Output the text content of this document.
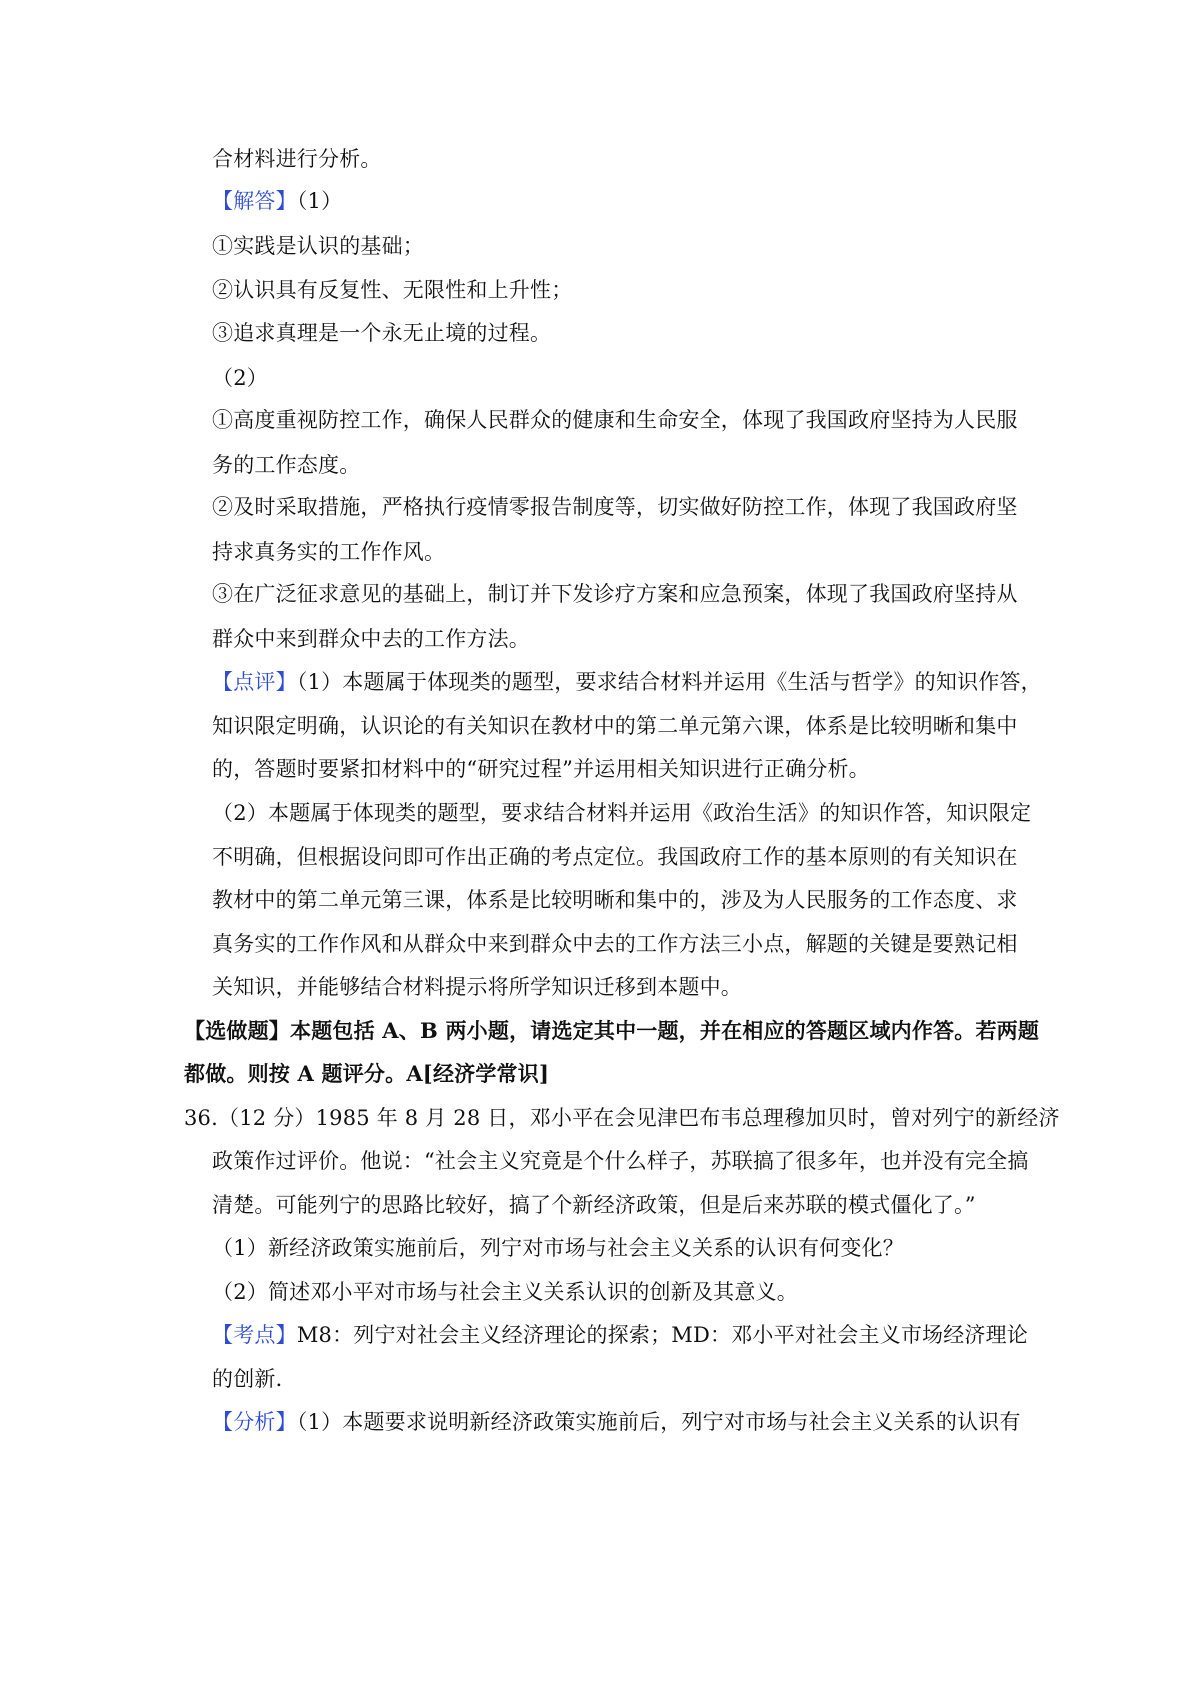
合材料进行分析。
【解答】（1）
①实践是认识的基础；
②认识具有反复性、无限性和上升性；
③追求真理是一个永无止境的过程。
（2）
①高度重视防控工作，确保人民群众的健康和生命安全，体现了我国政府坚持为人民服
务的工作态度。
②及时采取措施，严格执行疫情零报告制度等，切实做好防控工作，体现了我国政府坚
持求真务实的工作作风。
③在广泛征求意见的基础上，制订并下发诊疗方案和应急预案，体现了我国政府坚持从
群众中来到群众中去的工作方法。
【点评】（1）本题属于体现类的题型，要求结合材料并运用《生活与哲学》的知识作答，
知识限定明确，认识论的有关知识在教材中的第二单元第六课，体系是比较明晰和集中
的，答题时要紧扣材料中的“研究过程”并运用相关知识进行正确分析。
（2）本题属于体现类的题型，要求结合材料并运用《政治生活》的知识作答，知识限定
不明确，但根据设问即可作出正确的考点定位。我国政府工作的基本原则的有关知识在
教材中的第二单元第三课，体系是比较明晰和集中的，涉及为人民服务的工作态度、求
真务实的工作作风和从群众中来到群众中去的工作方法三小点，解题的关键是要熟记相
关知识，并能够结合材料提示将所学知识迁移到本题中。
【选做题】本题包括 A、B 两小题，请选定其中一题，并在相应的答题区域内作答。若两题
都做。则按 A 题评分。A[经济学常识]
36.（12 分）1985 年 8 月 28 日，邓小平在会见津巴布韦总理穆加贝时，曾对列宁的新经济
政策作过评价。他说：“社会主义究竟是个什么样子，苏联搞了很多年，也并没有完全搞
清楚。可能列宁的思路比较好，搞了个新经济政策，但是后来苏联的模式僵化了。”
（1）新经济政策实施前后，列宁对市场与社会主义关系的认识有何变化？
（2）简述邓小平对市场与社会主义关系认识的创新及其意义。
【考点】M8：列宁对社会主义经济理论的探索；MD：邓小平对社会主义市场经济理论
的创新．
【分析】（1）本题要求说明新经济政策实施前后，列宁对市场与社会主义关系的认识有
